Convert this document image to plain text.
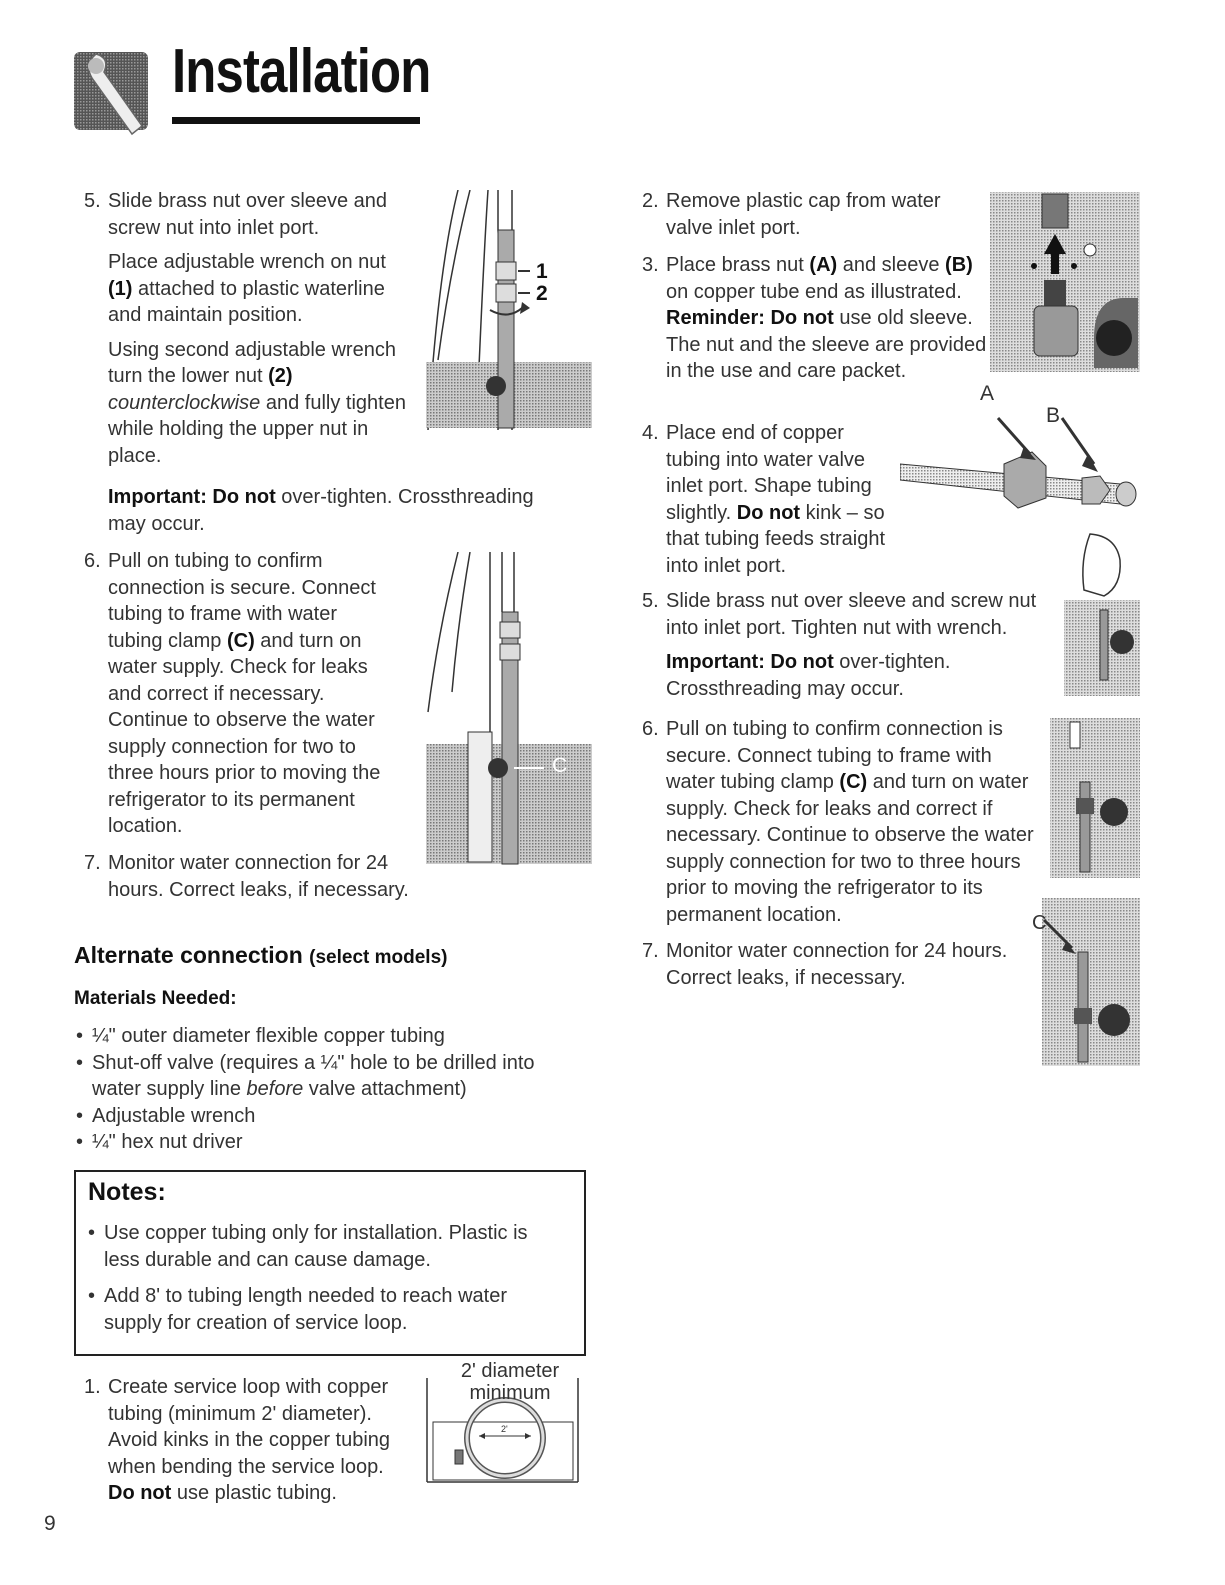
Installation
5. Slide brass nut over sleeve and screw nut into inlet port.
Place adjustable wrench on nut (1) attached to plastic waterline and maintain position.
Using second adjustable wrench turn the lower nut (2)
counterclockwise and fully tighten while holding the upper nut in place.
Important: Do not over-tighten. Crossthreading may occur.
1
2
6. Pull on tubing to confirm connection is secure. Connect tubing to frame with water tubing clamp (C) and turn on water supply. Check for leaks and correct if necessary. Continue to observe the water supply connection for two to three hours prior to moving the refrigerator to its permanent location.
C
7. Monitor water connection for 24 hours. Correct leaks, if necessary.
Alternate connection (select models)
Materials Needed:
• ¼" outer diameter flexible copper tubing
• Shut-off valve (requires a ¼" hole to be drilled into water supply line before valve attachment)
• Adjustable wrench
• ¼" hex nut driver
Notes:
• Use copper tubing only for installation. Plastic is less durable and can cause damage.
• Add 8' to tubing length needed to reach water supply for creation of service loop.
1. Create service loop with copper tubing (minimum 2' diameter). Avoid kinks in the copper tubing when bending the service loop.
Do not use plastic tubing.
2' diameter
minimum
2'
9
2. Remove plastic cap from water valve inlet port.
3. Place brass nut (A) and sleeve (B) on copper tube end as illustrated.
Reminder: Do not use old sleeve. The nut and the sleeve are provided in the use and care packet.
4. Place end of copper tubing into water valve inlet port. Shape tubing slightly. Do not kink – so that tubing feeds straight into inlet port.
A
B
5. Slide brass nut over sleeve and screw nut into inlet port. Tighten nut with wrench.
Important: Do not over-tighten. Crossthreading may occur.
6. Pull on tubing to confirm connection is secure. Connect tubing to frame with water tubing clamp (C) and turn on water supply. Check for leaks and correct if necessary. Continue to observe the water supply connection for two to three hours prior to moving the refrigerator to its permanent location.
7. Monitor water connection for 24 hours. Correct leaks, if necessary.
C
